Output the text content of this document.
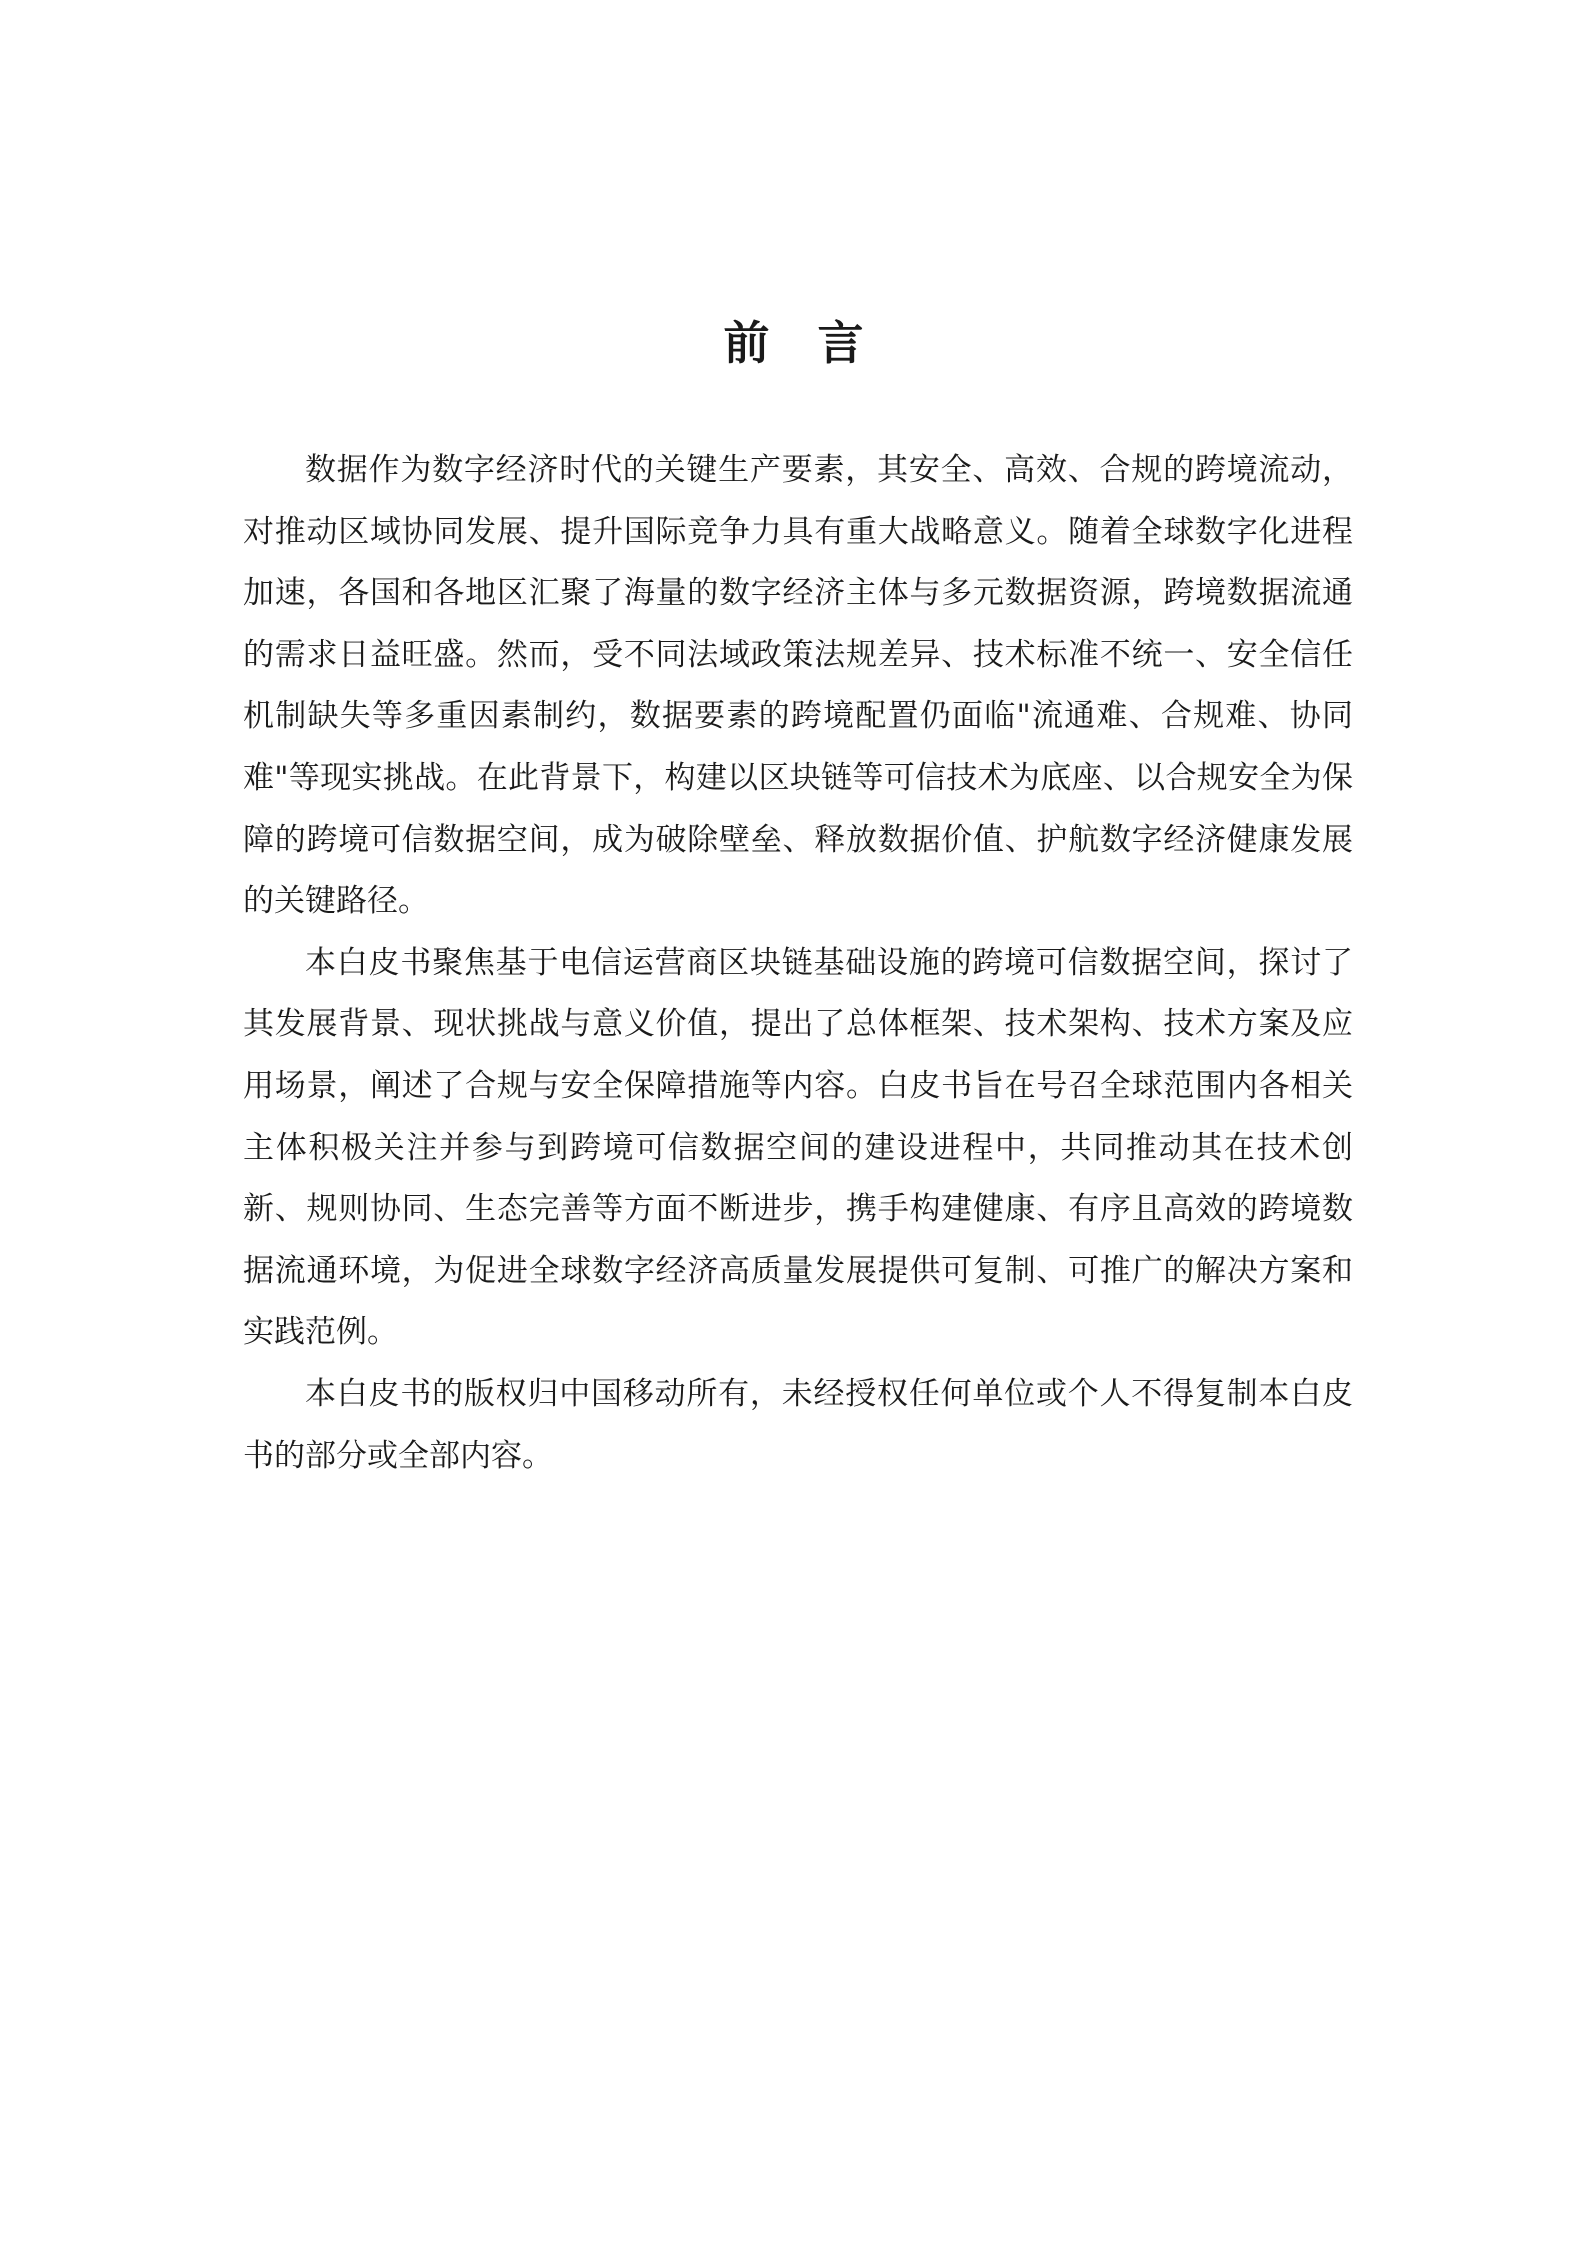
前言

数据作为数字经济时代的关键生产要素，其安全、高效、合规的跨境流动，对推动区域协同发展、提升国际竞争力具有重大战略意义。随着全球数字化进程加速，各国和各地区汇聚了海量的数字经济主体与多元数据资源，跨境数据流通的需求日益旺盛。然而，受不同法域政策法规差异、技术标准不统一、安全信任机制缺失等多重因素制约，数据要素的跨境配置仍面临"流通难、合规难、协同难"等现实挑战。在此背景下，构建以区块链等可信技术为底座、以合规安全为保障的跨境可信数据空间，成为破除壁垒、释放数据价值、护航数字经济健康发展的关键路径。

本白皮书聚焦基于电信运营商区块链基础设施的跨境可信数据空间，探讨了其发展背景、现状挑战与意义价值，提出了总体框架、技术架构、技术方案及应用场景，阐述了合规与安全保障措施等内容。白皮书旨在号召全球范围内各相关主体积极关注并参与到跨境可信数据空间的建设进程中，共同推动其在技术创新、规则协同、生态完善等方面不断进步，携手构建健康、有序且高效的跨境数据流通环境，为促进全球数字经济高质量发展提供可复制、可推广的解决方案和实践范例。

本白皮书的版权归中国移动所有，未经授权任何单位或个人不得复制本白皮书的部分或全部内容。
